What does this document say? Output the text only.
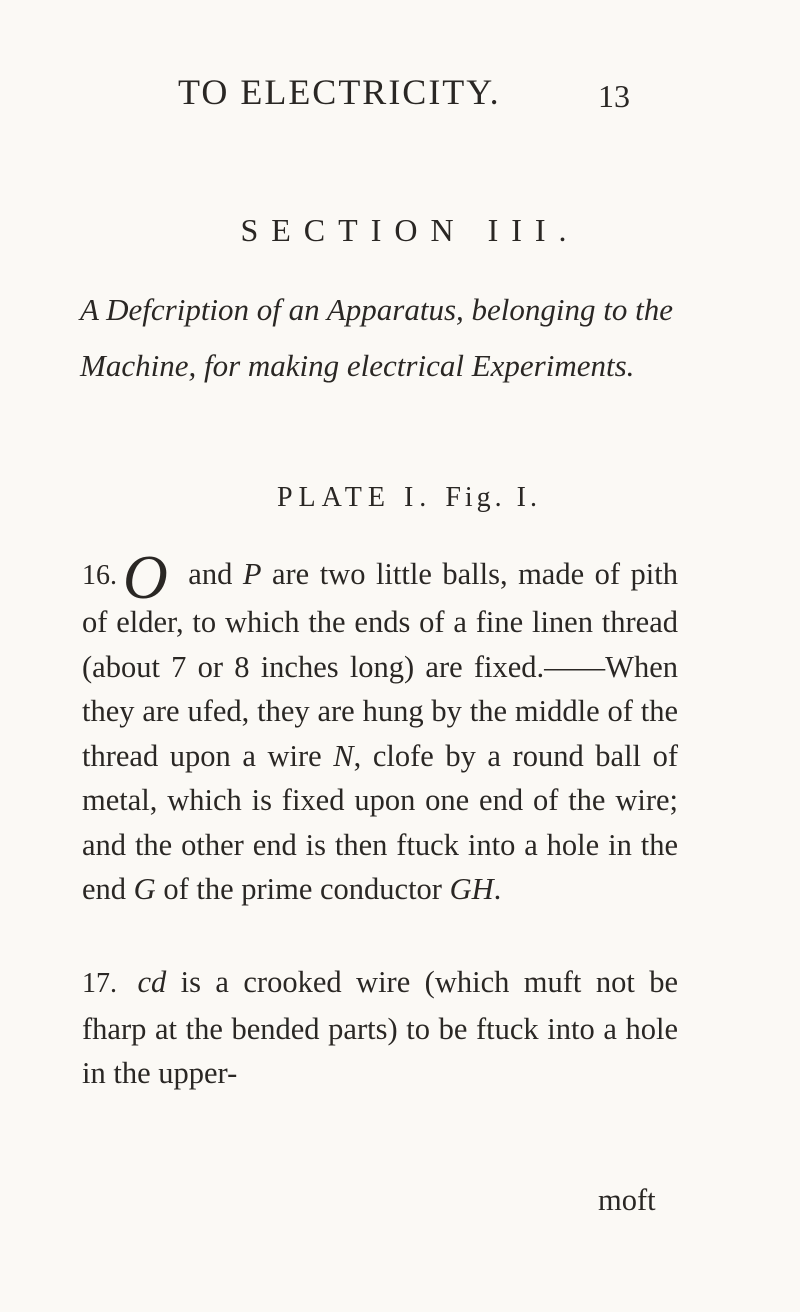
TO ELECTRICITY.	13
SECTION III.

A Defcription of an Apparatus, belonging to the Machine, for making electrical Experiments.

PLATE I. Fig. I.

16.O and P are two little balls, made of pith of elder, to which the ends of a fine linen thread (about 7 or 8 inches long) are fixed.——When they are ufed, they are hung by the middle of the thread upon a wire N, clofe by a round ball of metal, which is fixed upon one end of the wire; and the other end is then ftuck into a hole in the end G of the prime conductor GH.

17. cd is a crooked wire (which muft not be fharp at the bended parts) to be ftuck into a hole in the upper-

moft
